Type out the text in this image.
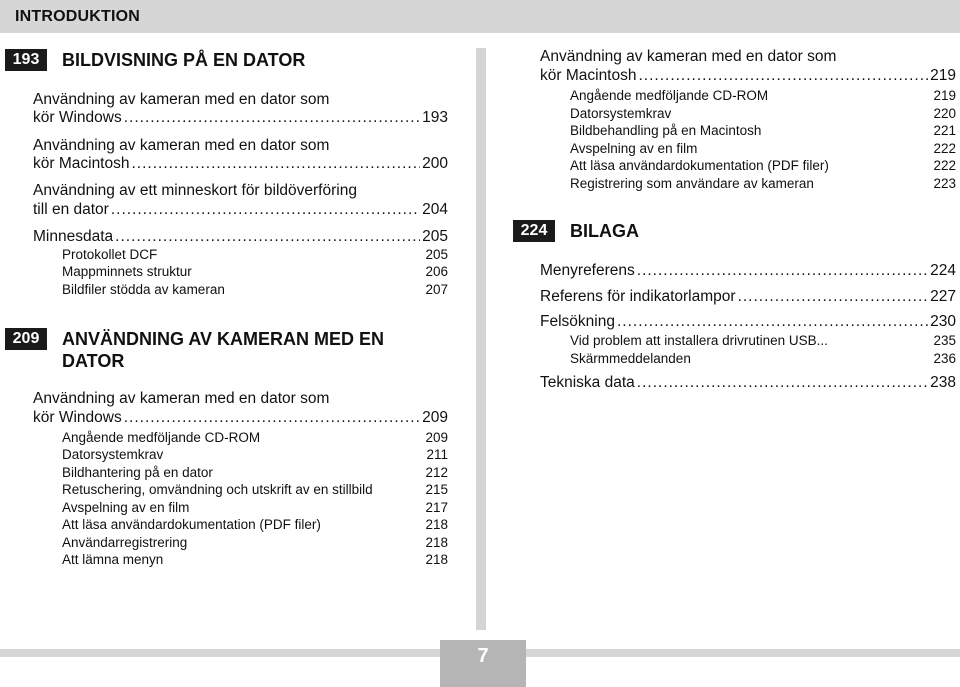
INTRODUKTION
193	BILDVISNING PÅ EN DATOR
Användning av kameran med en dator som
kör Windows .....	193
Användning av kameran med en dator som
kör Macintosh .....	200
Användning av ett minneskort för bildöverföring
till en dator .....	204
Minnesdata .....	205
Protokollet DCF	205
Mappminnets struktur	206
Bildfiler stödda av kameran	207
209	ANVÄNDNING AV KAMERAN MED EN
DATOR
Användning av kameran med en dator som
kör Windows .....	209
Angående medföljande CD-ROM	209
Datorsystemkrav	211
Bildhantering på en dator	212
Retuschering, omvändning och utskrift av en stillbild	215
Avspelning av en film	217
Att läsa användardokumentation (PDF filer)	218
Användarregistrering	218
Att lämna menyn	218
Användning av kameran med en dator som
kör Macintosh .....	219
Angående medföljande CD-ROM	219
Datorsystemkrav	220
Bildbehandling på en Macintosh	221
Avspelning av en film	222
Att läsa användardokumentation (PDF filer)	222
Registrering som användare av kameran	223
224	BILAGA
Menyreferens .....	224
Referens för indikatorlampor .....	227
Felsökning .....	230
Vid problem att installera drivrutinen USB...	235
Skärmmeddelanden	236
Tekniska data .....	238
7
